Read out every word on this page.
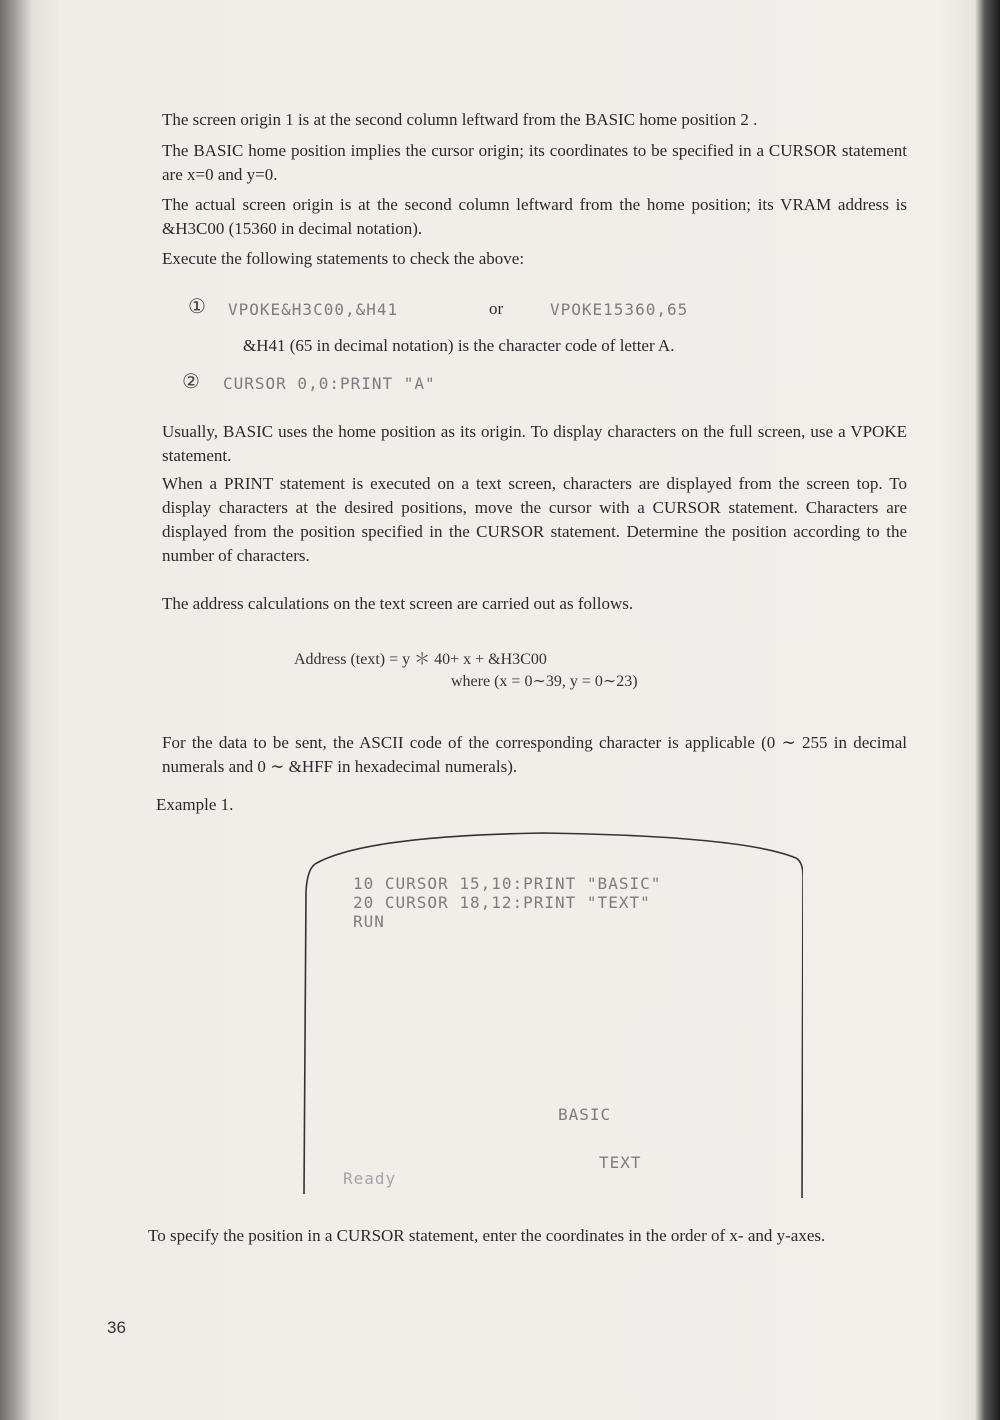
The screen origin 1 is at the second column leftward from the BASIC home position 2 .

The BASIC home position implies the cursor origin; its coordinates to be specified in a CURSOR statement are x=0 and y=0.

The actual screen origin is at the second column leftward from the home position; its VRAM address is &H3C00 (15360 in decimal notation).

Execute the following statements to check the above:

① VPOKE&H3C00,&H41	or	VPOKE15360,65
&H41 (65 in decimal notation) is the character code of letter A.
② CURSOR 0,0:PRINT "A"

Usually, BASIC uses the home position as its origin. To display characters on the full screen, use a VPOKE statement.

When a PRINT statement is executed on a text screen, characters are displayed from the screen top. To display characters at the desired positions, move the cursor with a CURSOR statement. Characters are displayed from the position specified in the CURSOR statement. Determine the position according to the number of characters.

The address calculations on the text screen are carried out as follows.

Address (text) = y ＊ 40+ x + &H3C00
where (x = 0∼39, y = 0∼23)

For the data to be sent, the ASCII code of the corresponding character is applicable (0 ∼ 255 in decimal numerals and 0 ∼ &HFF in hexadecimal numerals).

Example 1.
10 CURSOR 15,10:PRINT "BASIC"
20 CURSOR 18,12:PRINT "TEXT"
RUN
BASIC
TEXT
Ready

To specify the position in a CURSOR statement, enter the coordinates in the order of x- and y-axes.

36
